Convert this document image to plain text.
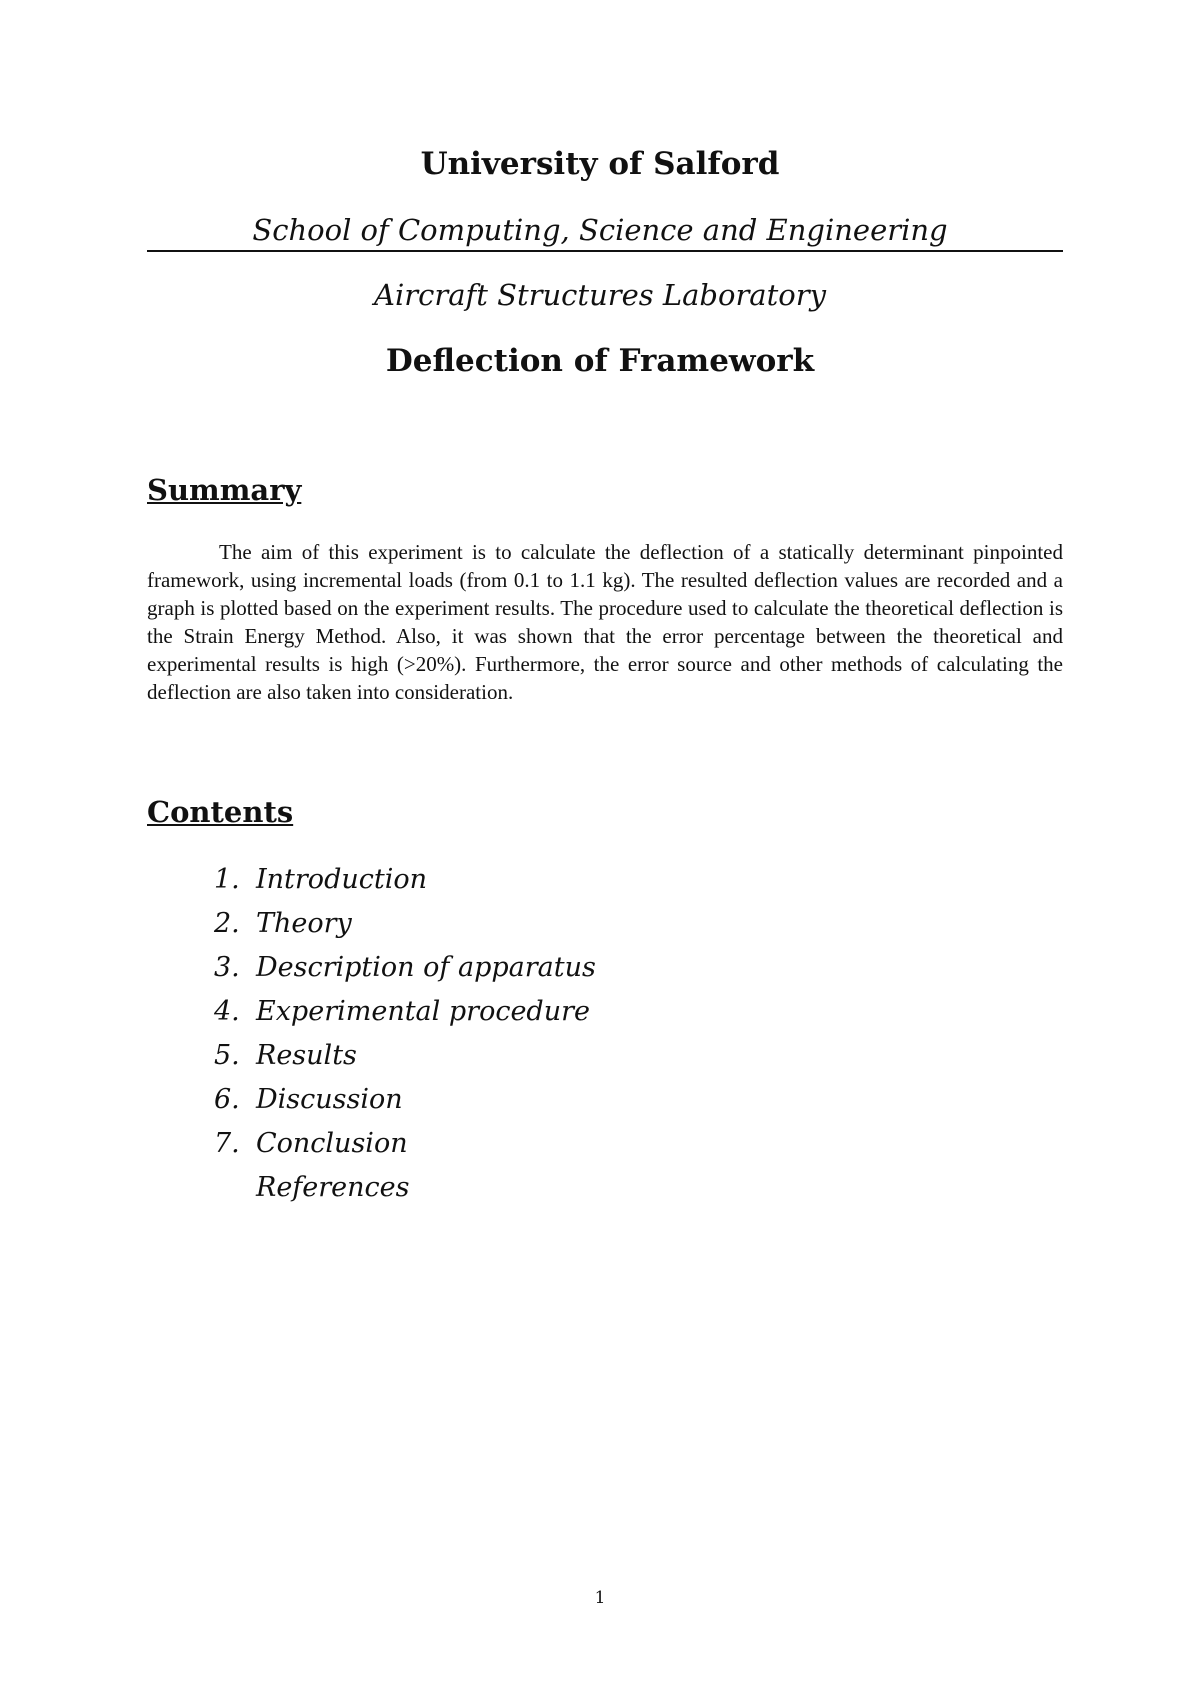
University of Salford
School of Computing, Science and Engineering
Aircraft Structures Laboratory
Deflection of Framework
Summary

The aim of this experiment is to calculate the deflection of a statically determinant pinpointed framework, using incremental loads (from 0.1 to 1.1 kg). The resulted deflection values are recorded and a graph is plotted based on the experiment results. The procedure used to calculate the theoretical deflection is the Strain Energy Method. Also, it was shown that the error percentage between the theoretical and experimental results is high (>20%). Furthermore, the error source and other methods of calculating the deflection are also taken into consideration.

Contents
1. Introduction
2. Theory
3. Description of apparatus
4. Experimental procedure
5. Results
6. Discussion
7. Conclusion
References
1
